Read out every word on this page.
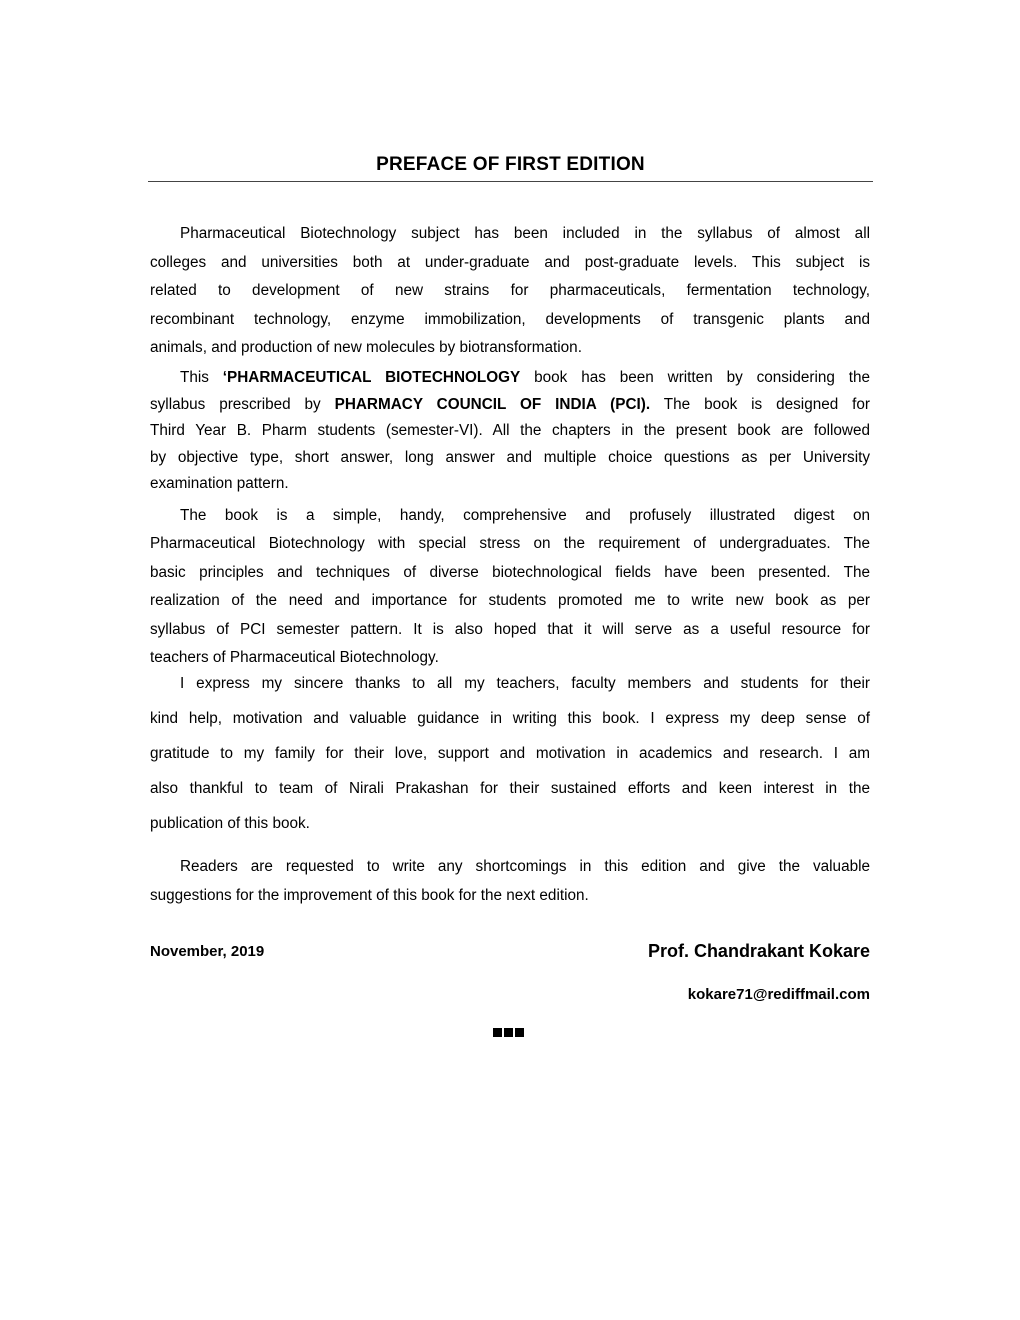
PREFACE OF FIRST EDITION
Pharmaceutical Biotechnology subject has been included in the syllabus of almost all
colleges and universities both at under-graduate and post-graduate levels. This subject is
related to development of new strains for pharmaceuticals, fermentation technology,
recombinant technology, enzyme immobilization, developments of transgenic plants and
animals, and production of new molecules by biotransformation.
This ‘PHARMACEUTICAL BIOTECHNOLOGY book has been written by considering the
syllabus prescribed by PHARMACY COUNCIL OF INDIA (PCI). The book is designed for
Third Year B. Pharm students (semester-VI). All the chapters in the present book are followed
by objective type, short answer, long answer and multiple choice questions as per University
examination pattern.
The book is a simple, handy, comprehensive and profusely illustrated digest on
Pharmaceutical Biotechnology with special stress on the requirement of undergraduates. The
basic principles and techniques of diverse biotechnological fields have been presented. The
realization of the need and importance for students promoted me to write new book as per
syllabus of PCI semester pattern. It is also hoped that it will serve as a useful resource for
teachers of Pharmaceutical Biotechnology.
I express my sincere thanks to all my teachers, faculty members and students for their
kind help, motivation and valuable guidance in writing this book. I express my deep sense of
gratitude to my family for their love, support and motivation in academics and research. I am
also thankful to team of Nirali Prakashan for their sustained efforts and keen interest in the
publication of this book.
Readers are requested to write any shortcomings in this edition and give the valuable
suggestions for the improvement of this book for the next edition.
November, 2019	Prof. Chandrakant Kokare
kokare71@rediffmail.com
